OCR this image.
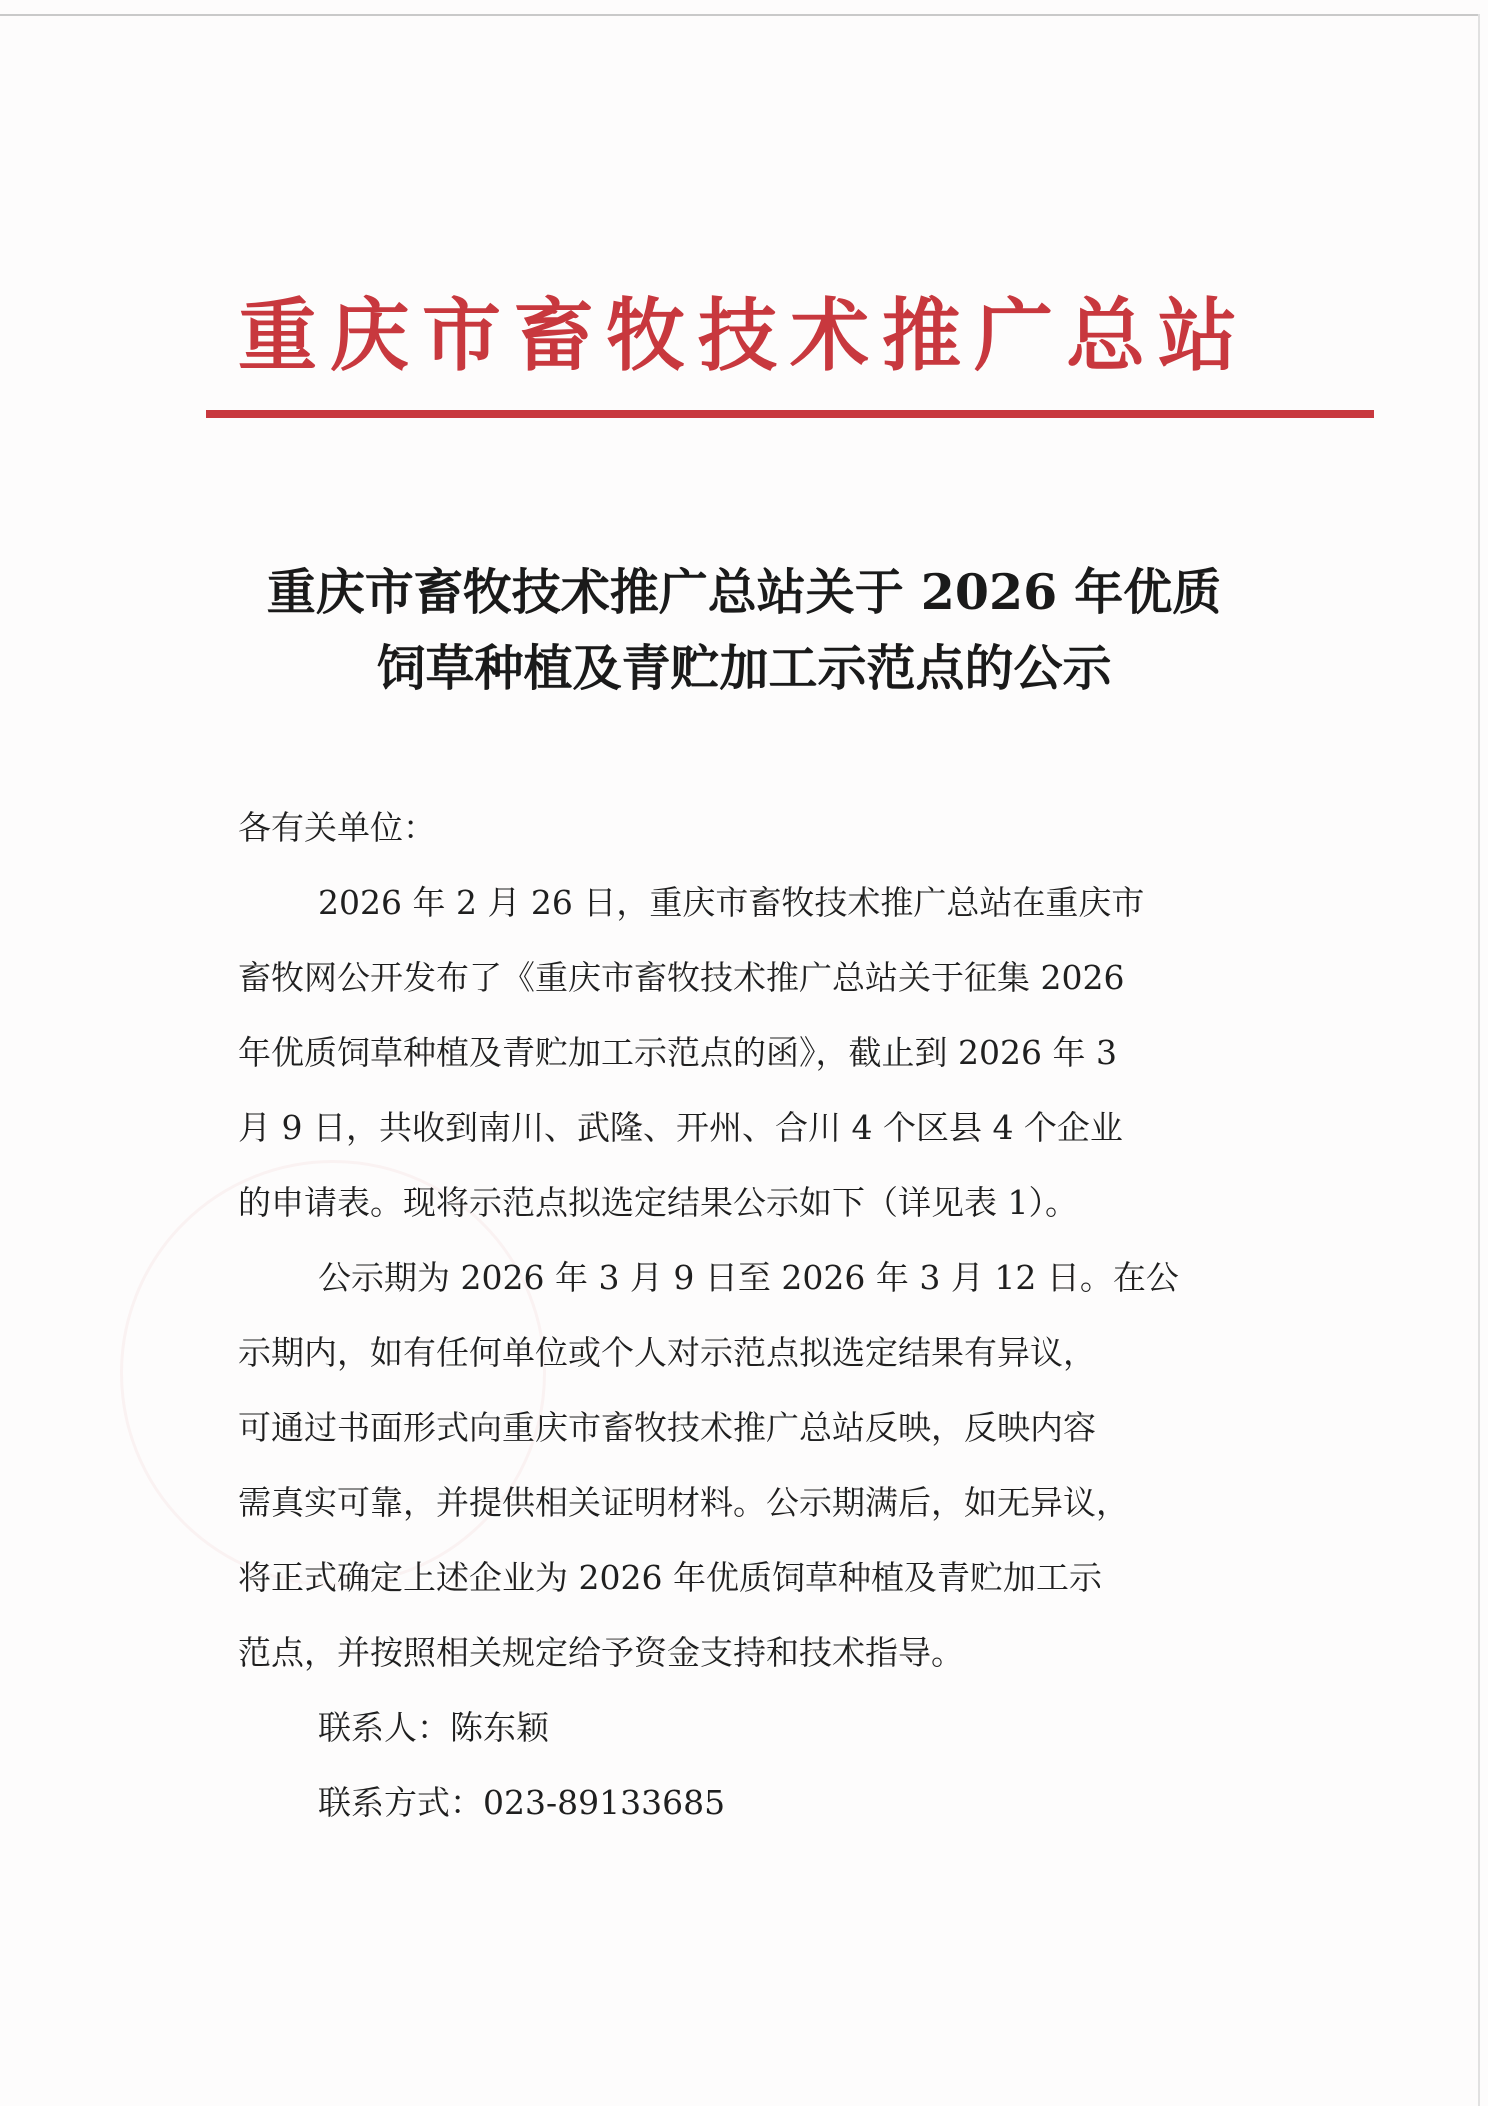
重庆市畜牧技术推广总站
重庆市畜牧技术推广总站关于 2026 年优质
饲草种植及青贮加工示范点的公示

各有关单位：

2026 年 2 月 26 日，重庆市畜牧技术推广总站在重庆市
畜牧网公开发布了《重庆市畜牧技术推广总站关于征集 2026
年优质饲草种植及青贮加工示范点的函》，截止到 2026 年 3
月 9 日，共收到南川、武隆、开州、合川 4 个区县 4 个企业
的申请表。现将示范点拟选定结果公示如下（详见表 1）。

公示期为 2026 年 3 月 9 日至 2026 年 3 月 12 日。在公
示期内，如有任何单位或个人对示范点拟选定结果有异议，
可通过书面形式向重庆市畜牧技术推广总站反映，反映内容
需真实可靠，并提供相关证明材料。公示期满后，如无异议，
将正式确定上述企业为 2026 年优质饲草种植及青贮加工示
范点，并按照相关规定给予资金支持和技术指导。

联系人：陈东颖

联系方式：023-89133685
